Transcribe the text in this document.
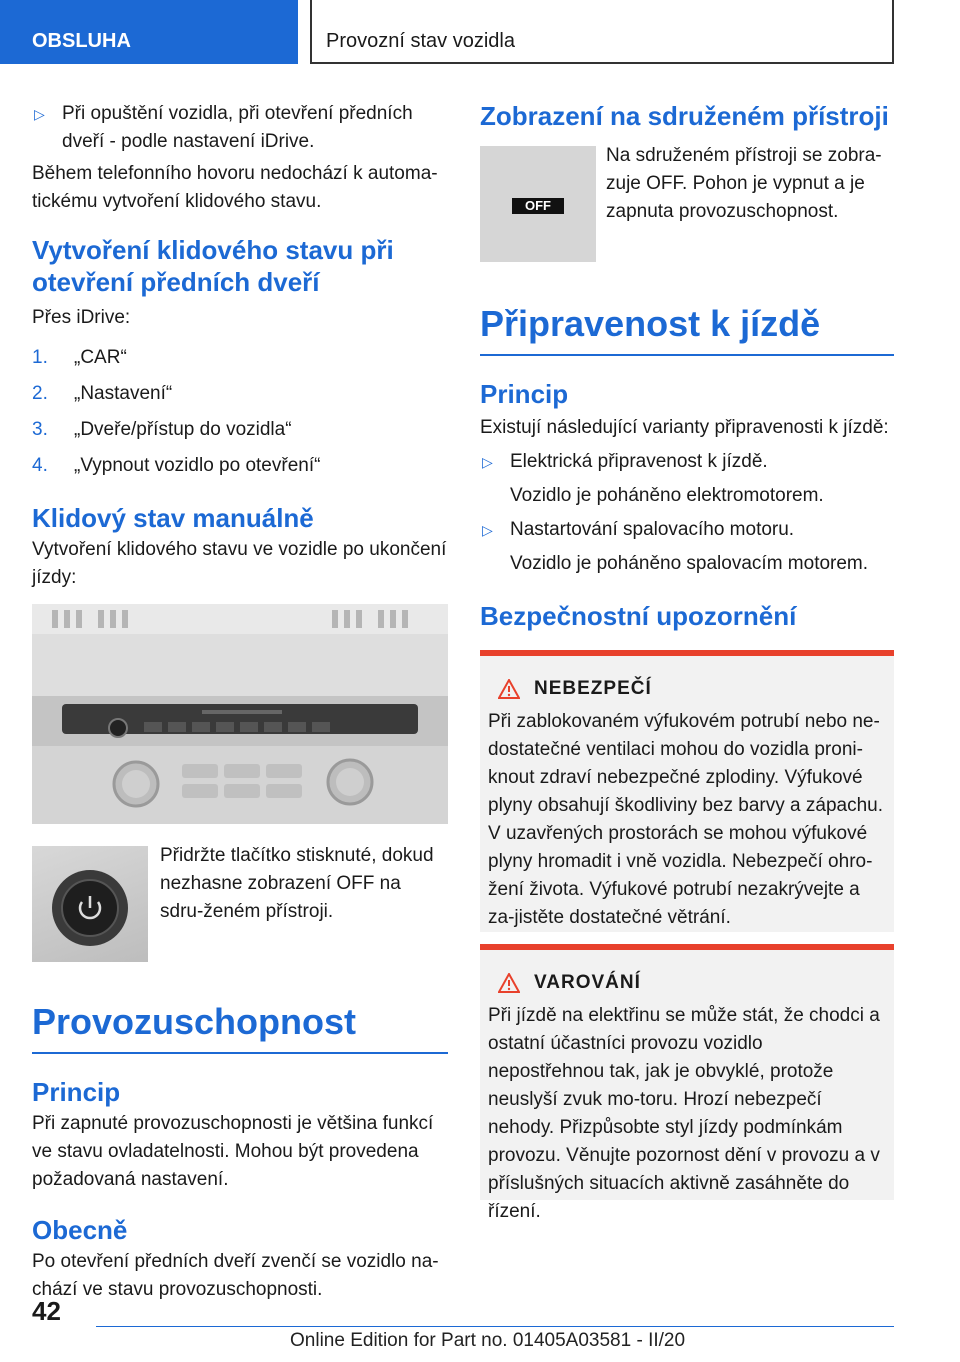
OBSLUHA	Provozní stav vozidla
▷ Při opuštění vozidla, při otevření předních dveří - podle nastavení iDrive.

Během telefonního hovoru nedochází k automa-tickému vytvoření klidového stavu.

Vytvoření klidového stavu při otevření předních dveří

Přes iDrive:

1. „CAR“
2. „Nastavení“
3. „Dveře/přístup do vozidla“
4. „Vypnout vozidlo po otevření“
Klidový stav manuálně

Vytvoření klidového stavu ve vozidle po ukončení jízdy:

Přidržte tlačítko stisknuté, dokud nezhasne zobrazení OFF na sdru-ženém přístroji.

Provozuschopnost
Princip

Při zapnuté provozuschopnosti je většina funkcí ve stavu ovladatelnosti. Mohou být provedena požadovaná nastavení.

Obecně

Po otevření předních dveří zvenčí se vozidlo na-chází ve stavu provozuschopnosti.

Zobrazení na sdruženém přístroji
OFF

Na sdruženém přístroji se zobra-zuje OFF. Pohon je vypnut a je zapnuta provozuschopnost.

Připravenost k jízdě
Princip

Existují následující varianty připravenosti k jízdě:

▷ Elektrická připravenost k jízdě.
Vozidlo je poháněno elektromotorem.
▷ Nastartování spalovacího motoru.
Vozidlo je poháněno spalovacím motorem.
Bezpečnostní upozornění
NEBEZPEČÍ

Při zablokovaném výfukovém potrubí nebo ne-dostatečné ventilaci mohou do vozidla proni-knout zdraví nebezpečné zplodiny. Výfukové plyny obsahují škodliviny bez barvy a zápachu. V uzavřených prostorách se mohou výfukové plyny hromadit i vně vozidla. Nebezpečí ohro-žení života. Výfukové potrubí nezakrývejte a za-jistěte dostatečné větrání.

VAROVÁNÍ

Při jízdě na elektřinu se může stát, že chodci a ostatní účastníci provozu vozidlo nepostřehnou tak, jak je obvyklé, protože neuslyší zvuk mo-toru. Hrozí nebezpečí nehody. Přizpůsobte styl jízdy podmínkám provozu. Věnujte pozornost dění v provozu a v příslušných situacích aktivně zasáhněte do řízení.

42
Online Edition for Part no. 01405A03581 - II/20
